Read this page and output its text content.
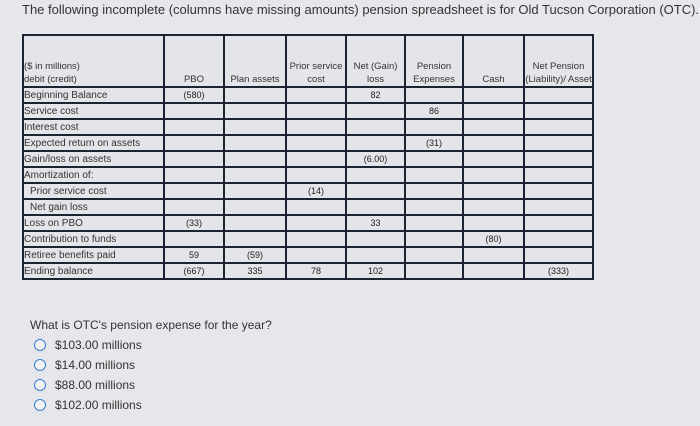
The following incomplete (columns have missing amounts) pension spreadsheet is for Old Tucson Corporation (OTC).
($ in millions)
debit (credit)	PBO	Plan assets	Prior service cost	Net (Gain) loss	Pension Expenses	Cash	Net Pension (Liability)/ Asset
Beginning Balance	(580)			82			
Service cost					86		
Interest cost							
Expected return on assets					(31)		
Gain/loss on assets				(6.00)			
Amortization of:							
Prior service cost			(14)				
Net gain loss							
Loss on PBO	(33)			33			
Contribution to funds						(80)	
Retiree benefits paid	59	(59)					
Ending balance	(667)	335	78	102			(333)
What is OTC's pension expense for the year?
$103.00 millions
$14.00 millions
$88.00 millions
$102.00 millions
